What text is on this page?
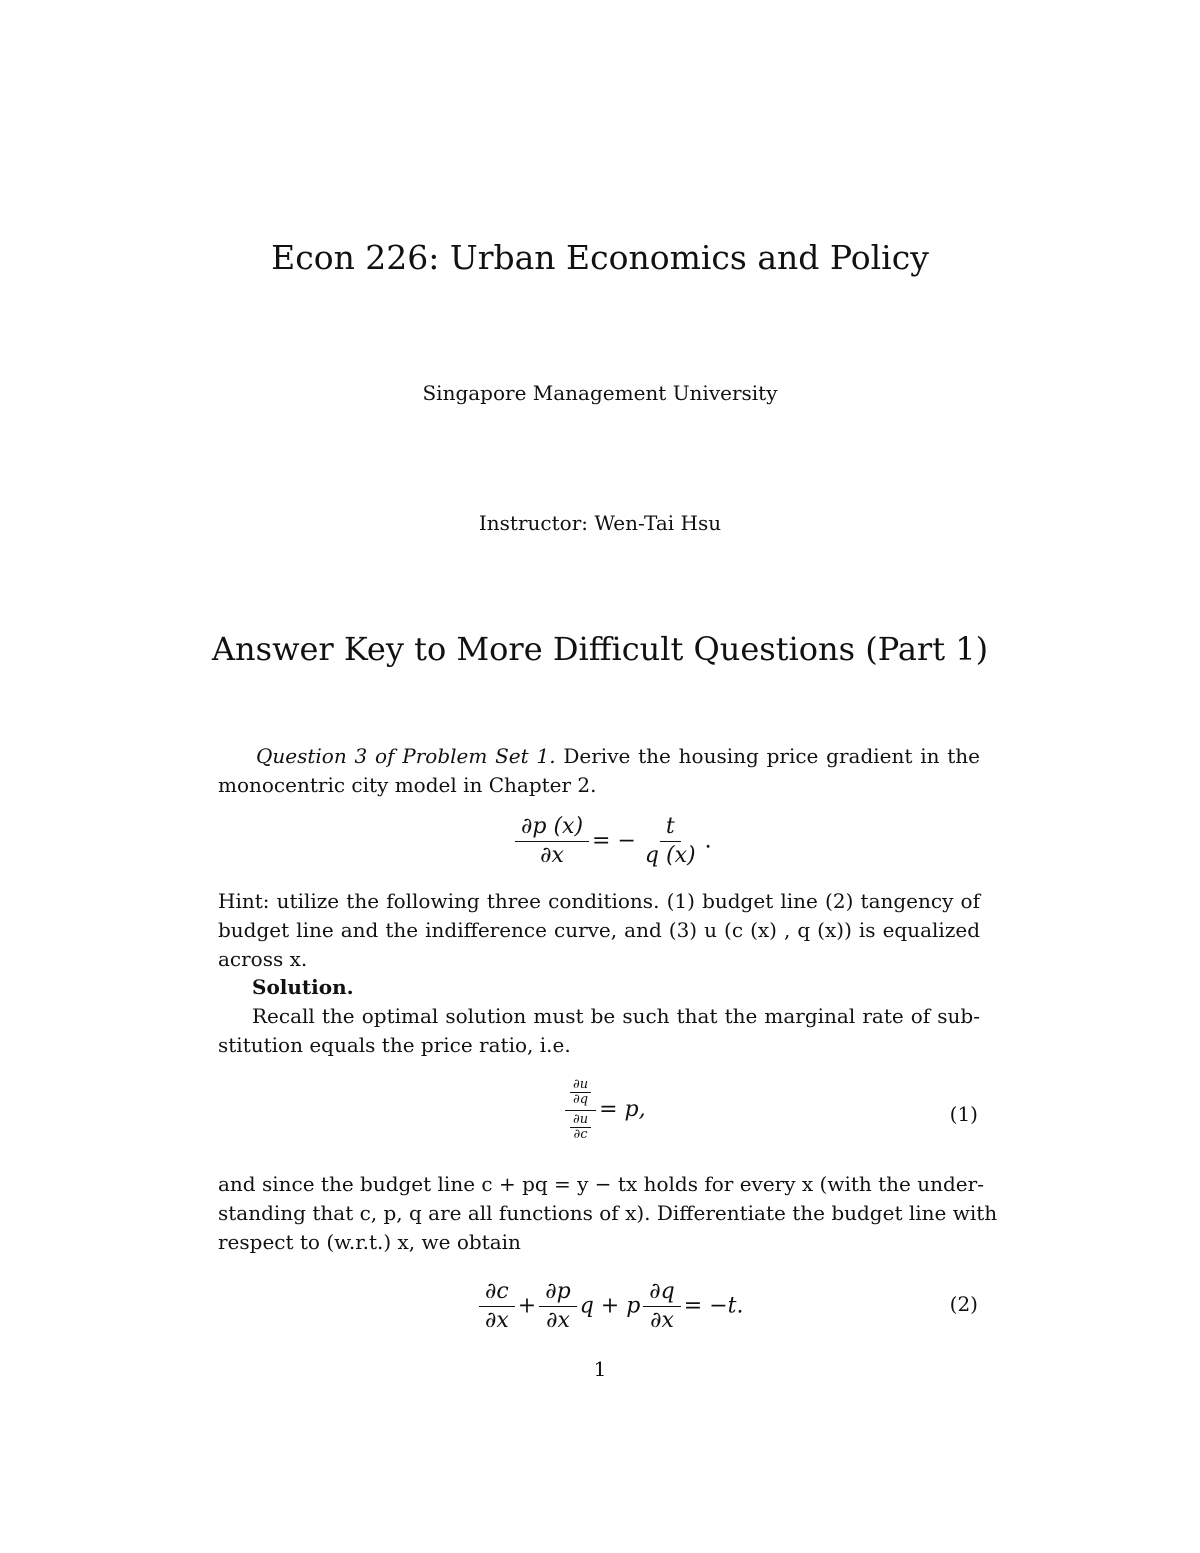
Econ 226: Urban Economics and Policy
Singapore Management University
Instructor: Wen-Tai Hsu
Answer Key to More Difficult Questions (Part 1)
Question 3 of Problem Set 1. Derive the housing price gradient in the
monocentric city model in Chapter 2.
$\frac{\partial p (x)}{\partial x}$ = − $\frac{t}{q (x)}$ .
Hint: utilize the following three conditions. (1) budget line (2) tangency of
budget line and the indifference curve, and (3) u (c (x) , q (x)) is equalized
across x.
Solution.
Recall the optimal solution must be such that the marginal rate of sub-
stitution equals the price ratio, i.e.
$\frac{\frac{\partial u}{\partial q}}{\frac{\partial u}{\partial c}} = p$,	(1)
and since the budget line c + pq = y − tx holds for every x (with the under-
standing that c, p, q are all functions of x). Differentiate the budget line with
respect to (w.r.t.) x, we obtain
$\frac{\partial c}{\partial x} + \frac{\partial p}{\partial x}$ q + p $\frac{\partial q}{\partial x} = -t$.	(2)
1
